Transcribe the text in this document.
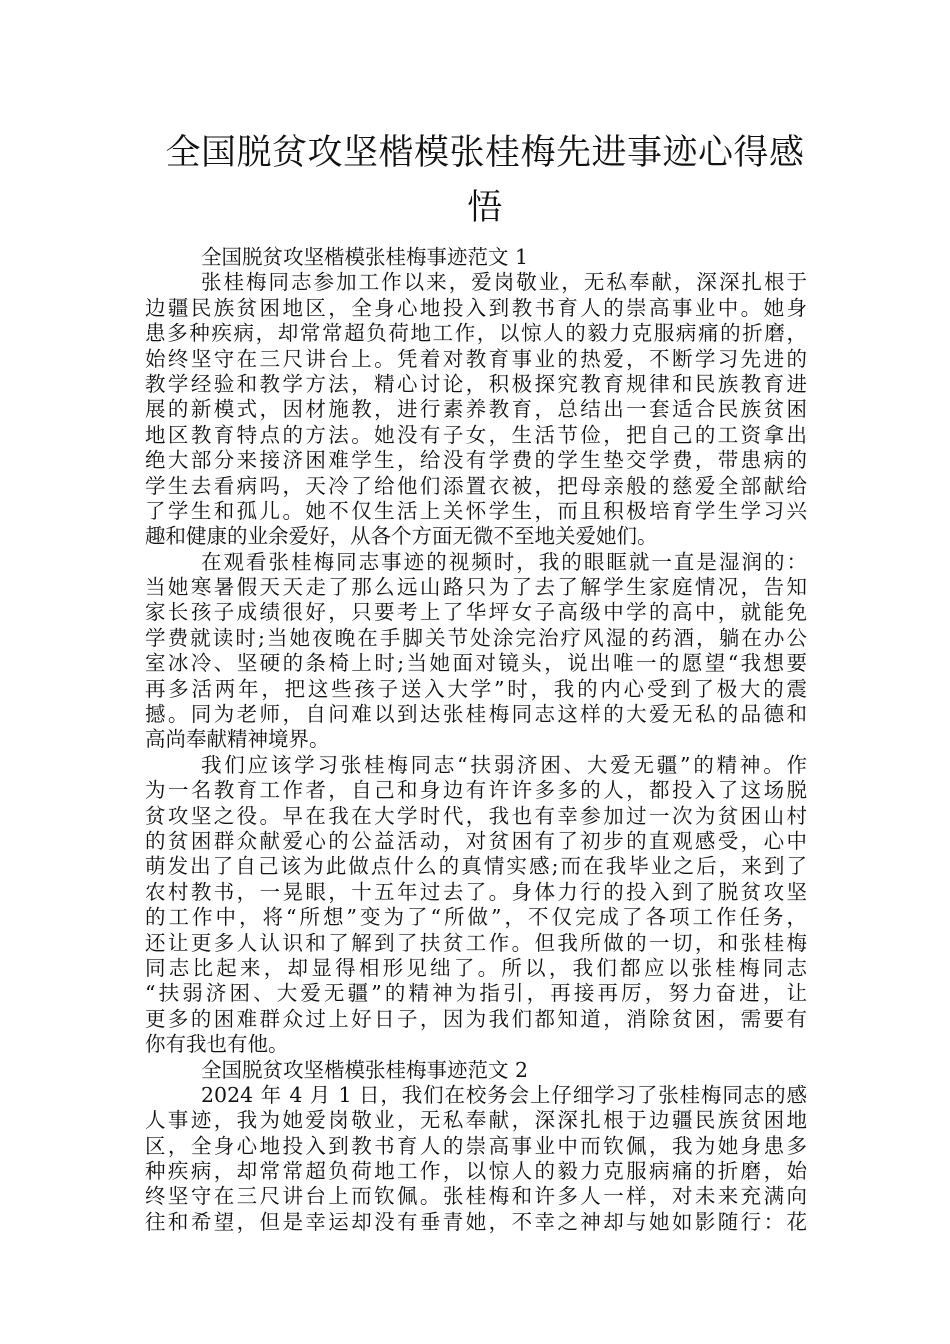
全国脱贫攻坚楷模张桂梅先进事迹心得感
悟
全国脱贫攻坚楷模张桂梅事迹范文 1
张桂梅同志参加工作以来，爱岗敬业，无私奉献，深深扎根于
边疆民族贫困地区，全身心地投入到教书育人的崇高事业中。她身
患多种疾病，却常常超负荷地工作，以惊人的毅力克服病痛的折磨，
始终坚守在三尺讲台上。凭着对教育事业的热爱，不断学习先进的
教学经验和教学方法，精心讨论，积极探究教育规律和民族教育进
展的新模式，因材施教，进行素养教育，总结出一套适合民族贫困
地区教育特点的方法。她没有子女，生活节俭，把自己的工资拿出
绝大部分来接济困难学生，给没有学费的学生垫交学费，带患病的
学生去看病吗，天冷了给他们添置衣被，把母亲般的慈爱全部献给
了学生和孤儿。她不仅生活上关怀学生，而且积极培育学生学习兴
趣和健康的业余爱好，从各个方面无微不至地关爱她们。
在观看张桂梅同志事迹的视频时，我的眼眶就一直是湿润的：
当她寒暑假天天走了那么远山路只为了去了解学生家庭情况，告知
家长孩子成绩很好，只要考上了华坪女子高级中学的高中，就能免
学费就读时;当她夜晚在手脚关节处涂完治疗风湿的药酒，躺在办公
室冰冷、坚硬的条椅上时;当她面对镜头，说出唯一的愿望“我想要
再多活两年，把这些孩子送入大学”时，我的内心受到了极大的震
撼。同为老师，自问难以到达张桂梅同志这样的大爱无私的品德和
高尚奉献精神境界。
我们应该学习张桂梅同志“扶弱济困、大爱无疆”的精神。作
为一名教育工作者，自己和身边有许许多多的人，都投入了这场脱
贫攻坚之役。早在我在大学时代，我也有幸参加过一次为贫困山村
的贫困群众献爱心的公益活动，对贫困有了初步的直观感受，心中
萌发出了自己该为此做点什么的真情实感;而在我毕业之后，来到了
农村教书，一晃眼，十五年过去了。身体力行的投入到了脱贫攻坚
的工作中，将“所想”变为了“所做”，不仅完成了各项工作任务，
还让更多人认识和了解到了扶贫工作。但我所做的一切，和张桂梅
同志比起来，却显得相形见绌了。所以，我们都应以张桂梅同志
“扶弱济困、大爱无疆”的精神为指引，再接再厉，努力奋进，让
更多的困难群众过上好日子，因为我们都知道，消除贫困，需要有
你有我也有他。
全国脱贫攻坚楷模张桂梅事迹范文 2
2024 年 4 月 1 日，我们在校务会上仔细学习了张桂梅同志的感
人事迹，我为她爱岗敬业，无私奉献，深深扎根于边疆民族贫困地
区，全身心地投入到教书育人的崇高事业中而钦佩，我为她身患多
种疾病，却常常超负荷地工作，以惊人的毅力克服病痛的折磨，始
终坚守在三尺讲台上而钦佩。张桂梅和许多人一样，对未来充满向
往和希望，但是幸运却没有垂青她，不幸之神却与她如影随行：花
